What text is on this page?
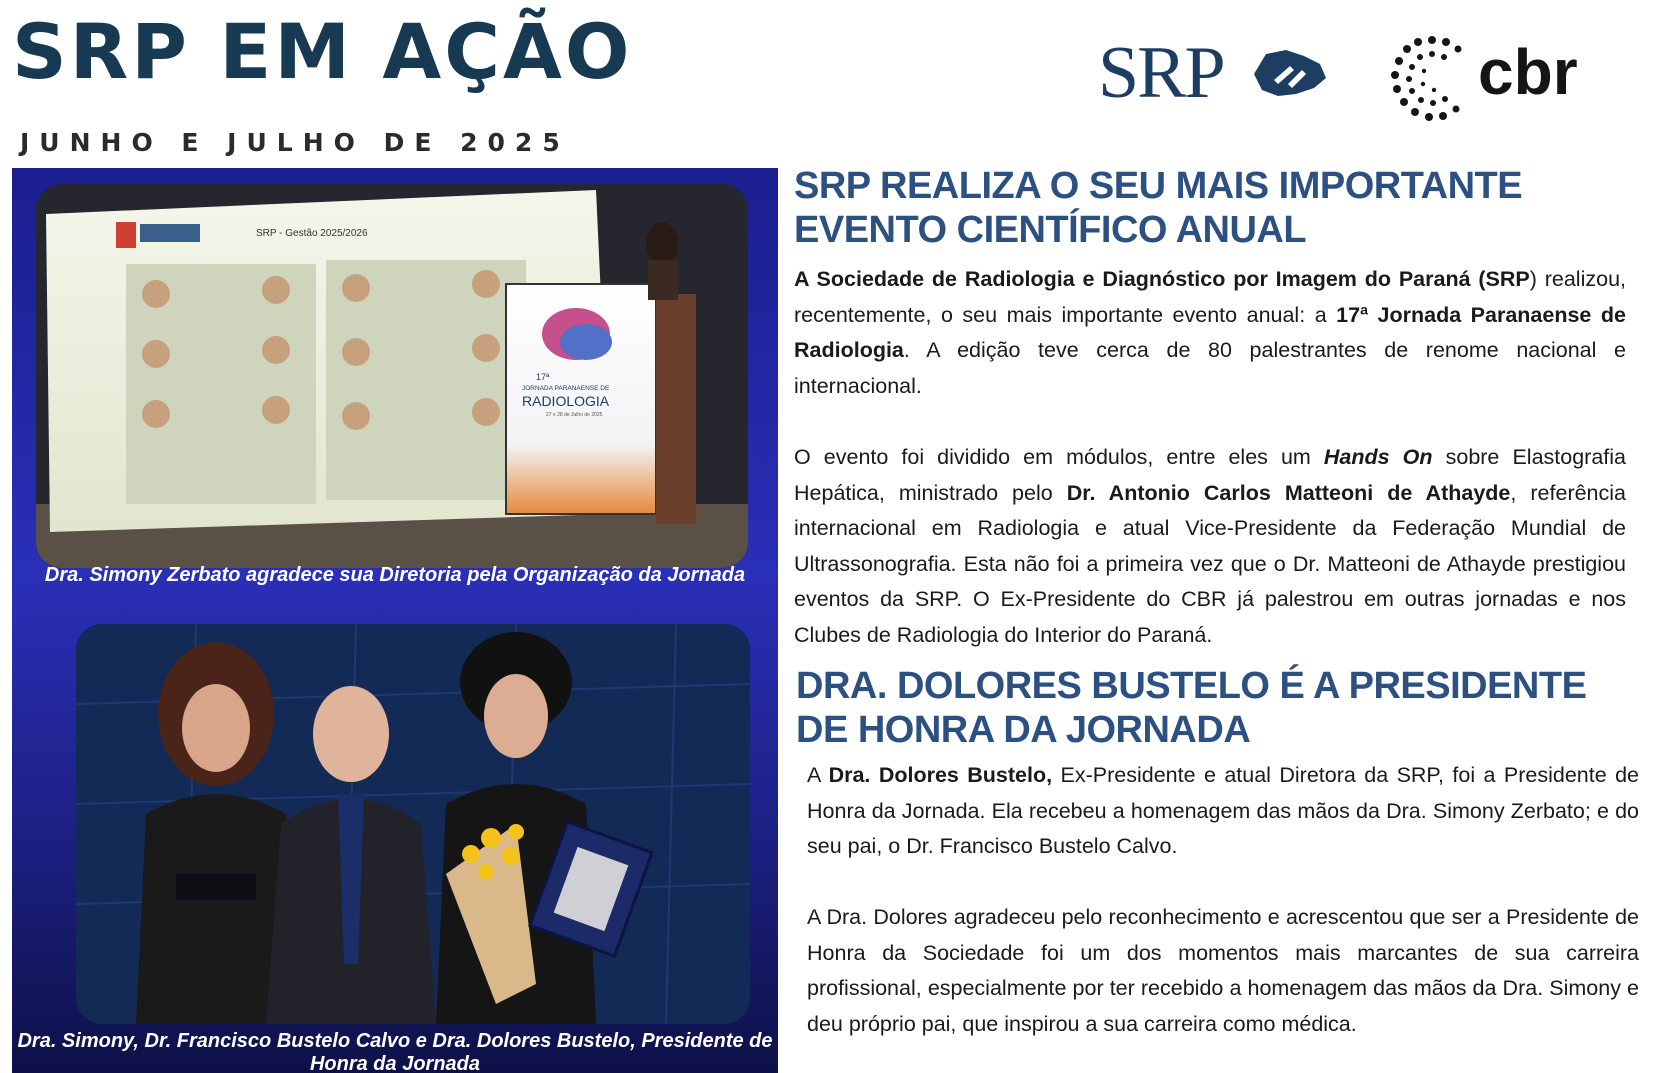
SRP EM AÇÃO

JUNHO E JULHO DE 2025

SRP	cbr
SRP - Gestão 2025/2026
17ª
JORNADA PARANAENSE DE
RADIOLOGIA
27 e 28 de Julho de 2025

Dra. Simony Zerbato agradece sua Diretoria pela Organização da Jornada

Dra. Simony, Dr. Francisco Bustelo Calvo e Dra. Dolores Bustelo, Presidente de Honra da Jornada

SRP REALIZA O SEU MAIS IMPORTANTE EVENTO CIENTÍFICO ANUAL

A Sociedade de Radiologia e Diagnóstico por Imagem do Paraná (SRP) realizou, recentemente, o seu mais importante evento anual: a 17ª Jornada Paranaense de Radiologia. A edição teve cerca de 80 palestrantes de renome nacional e internacional.

O evento foi dividido em módulos, entre eles um Hands On sobre Elastografia Hepática, ministrado pelo Dr. Antonio Carlos Matteoni de Athayde, referência internacional em Radiologia e atual Vice-Presidente da Federação Mundial de Ultrassonografia. Esta não foi a primeira vez que o Dr. Matteoni de Athayde prestigiou eventos da SRP. O Ex-Presidente do CBR já palestrou em outras jornadas e nos Clubes de Radiologia do Interior do Paraná.

DRA. DOLORES BUSTELO É A PRESIDENTE DE HONRA DA JORNADA

A Dra. Dolores Bustelo, Ex-Presidente e atual Diretora da SRP, foi a Presidente de Honra da Jornada. Ela recebeu a homenagem das mãos da Dra. Simony Zerbato; e do seu pai, o Dr. Francisco Bustelo Calvo.

A Dra. Dolores agradeceu pelo reconhecimento e acrescentou que ser a Presidente de Honra da Sociedade foi um dos momentos mais marcantes de sua carreira profissional, especialmente por ter recebido a homenagem das mãos da Dra. Simony e deu próprio pai, que inspirou a sua carreira como médica.
